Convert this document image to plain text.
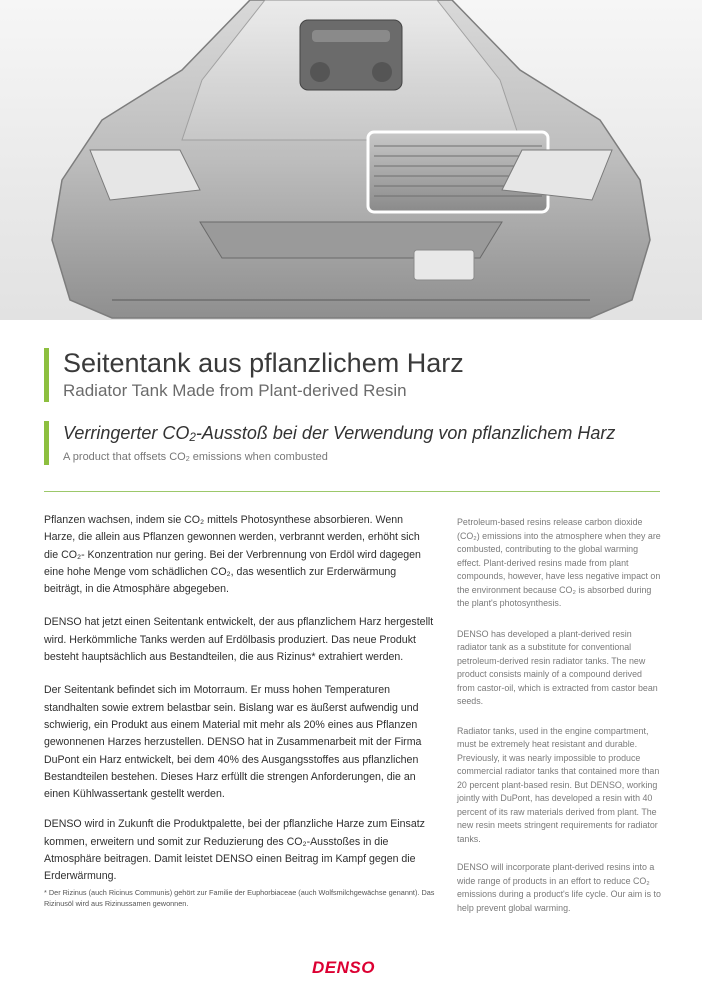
Seitentank aus pflanzlichem Harz
Radiator Tank Made from Plant-derived Resin
Verringerter $CO_2$-Ausstoß bei der Verwendung von pflanzlichem Harz

A product that offsets $CO_2$ emissions when combusted

Pflanzen wachsen, indem sie CO₂ mittels Photosynthese absorbieren. Wenn Harze, die allein aus Pflanzen gewonnen werden, verbrannt werden, erhöht sich die CO₂- Konzentration nur gering. Bei der Verbrennung von Erdöl wird dagegen eine hohe Menge vom schädlichen CO₂, das wesentlich zur Erderwärmung beiträgt, in die Atmosphäre abgegeben.

DENSO hat jetzt einen Seitentank entwickelt, der aus pflanzlichem Harz hergestellt wird. Herkömmliche Tanks werden auf Erdölbasis produziert. Das neue Produkt besteht hauptsächlich aus Bestandteilen, die aus Rizinus* extrahiert werden.

Der Seitentank befindet sich im Motorraum. Er muss hohen Temperaturen standhalten sowie extrem belastbar sein. Bislang war es äußerst aufwendig und schwierig, ein Produkt aus einem Material mit mehr als 20% eines aus Pflanzen gewonnenen Harzes herzustellen. DENSO hat in Zusammenarbeit mit der Firma DuPont ein Harz entwickelt, bei dem 40% des Ausgangsstoffes aus pflanzlichen Bestandteilen bestehen. Dieses Harz erfüllt die strengen Anforderungen, die an einen Kühlwassertank gestellt werden.

DENSO wird in Zukunft die Produktpalette, bei der pflanzliche Harze zum Einsatz kommen, erweitern und somit zur Reduzierung des CO₂-Ausstoßes in die Atmosphäre beitragen. Damit leistet DENSO einen Beitrag im Kampf gegen die Erderwärmung.

Petroleum-based resins release carbon dioxide (CO₂) emissions into the atmosphere when they are combusted, contributing to the global warming effect. Plant-derived resins made from plant compounds, however, have less negative impact on the environment because CO₂ is absorbed during the plant's photosynthesis.

DENSO has developed a plant-derived resin radiator tank as a substitute for conventional petroleum-derived resin radiator tanks. The new product consists mainly of a compound derived from castor-oil, which is extracted from castor bean seeds.

Radiator tanks, used in the engine compartment, must be extremely heat resistant and durable. Previously, it was nearly impossible to produce commercial radiator tanks that contained more than 20 percent plant-based resin. But DENSO, working jointly with DuPont, has developed a resin with 40 percent of its raw materials derived from plant. The new resin meets stringent requirements for radiator tanks.

DENSO will incorporate plant-derived resins into a wide range of products in an effort to reduce CO₂ emissions during a product's life cycle. Our aim is to help prevent global warming.

* Der Rizinus (auch Ricinus Communis) gehört zur Familie der Euphorbiaceae (auch Wolfsmilchgewächse genannt). Das Rizinusöl wird aus Rizinussamen gewonnen.

DENSO
